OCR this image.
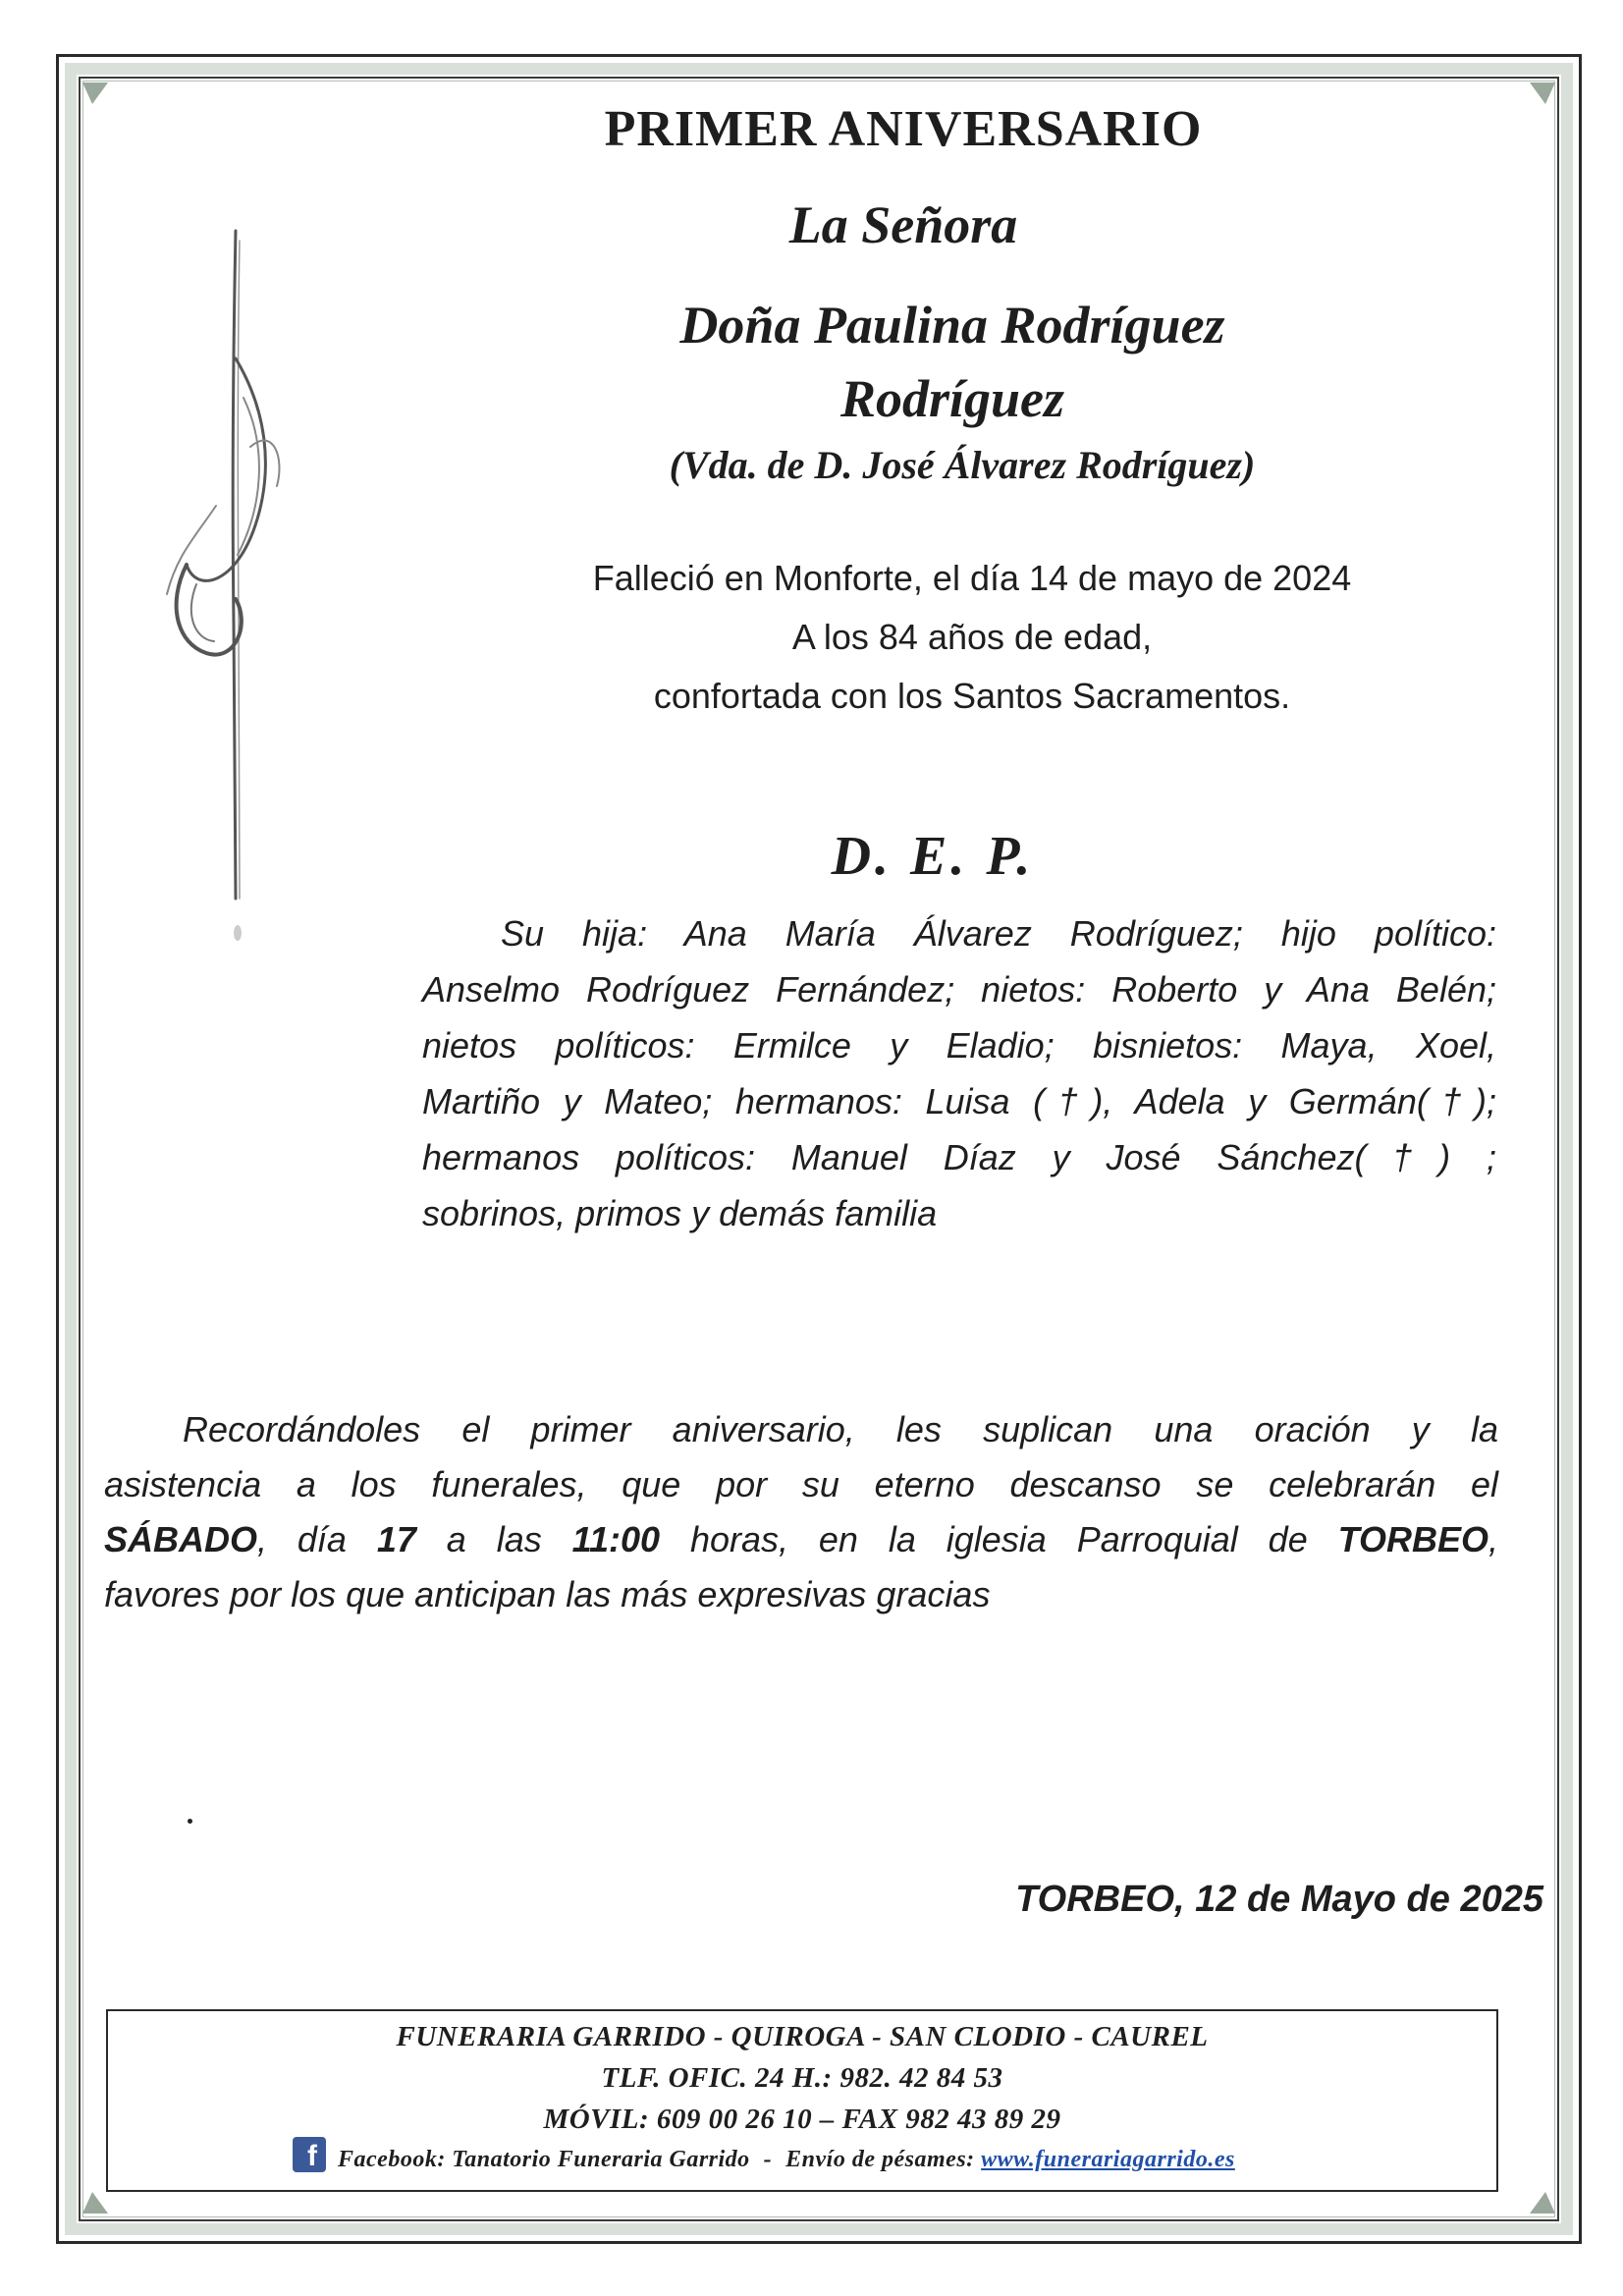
PRIMER ANIVERSARIO
La Señora
Doña Paulina Rodríguez
Rodríguez
(Vda. de D. José Álvarez Rodríguez)
Falleció en Monforte, el día 14 de mayo de 2024
A los 84 años de edad,
confortada con los Santos Sacramentos.
D. E. P.
Su hija: Ana María Álvarez Rodríguez; hijo político:
Anselmo Rodríguez Fernández; nietos: Roberto y Ana Belén;
nietos políticos: Ermilce y Eladio; bisnietos: Maya, Xoel,
Martiño y Mateo; hermanos: Luisa (†), Adela y Germán(†);
hermanos políticos: Manuel Díaz y José Sánchez(†) ;
sobrinos, primos y demás familia
Recordándoles el primer aniversario, les suplican una oración y la
asistencia a los funerales, que por su eterno descanso se celebrarán el
SÁBADO, día 17 a las 11:00 horas, en la iglesia Parroquial de TORBEO,
favores por los que anticipan las más expresivas gracias
TORBEO, 12 de Mayo de 2025
FUNERARIA GARRIDO - QUIROGA - SAN CLODIO - CAUREL
TLF. OFIC. 24 H.: 982. 42 84 53
MÓVIL: 609 00 26 10 – FAX 982 43 89 29
f Facebook: Tanatorio Funeraria Garrido - Envío de pésames: www.funerariagarrido.es
